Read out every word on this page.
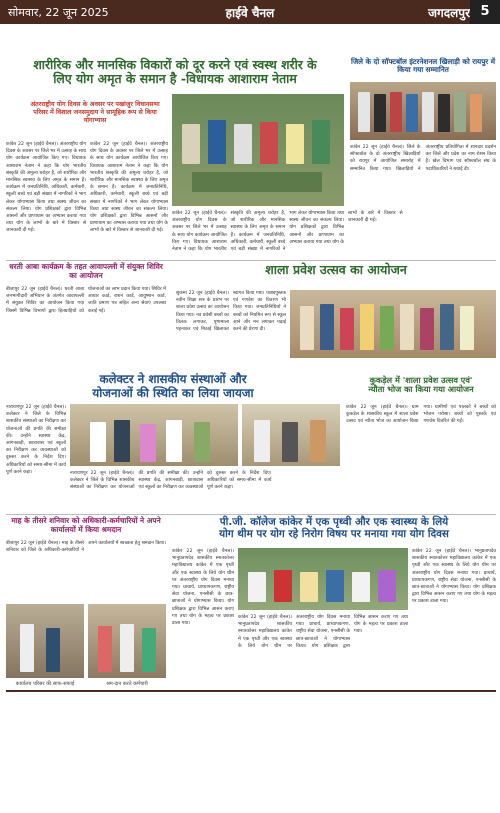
सोमवार, 22 जून 2025	हाईवे चैनल	जगदलपुर 5
शारीरिक और मानसिक विकारों को दूर करने एवं स्वस्थ शरीर के
लिए योग अमृत के समान है -विधायक आशाराम नेताम
अंतरराष्ट्रीय योग दिवस के अवसर पर पखांजुर विधानसभा परिसर में विशाल जनसमुदाय ने सामूहिक रूप से किया योगाभ्यास
कांकेर 22 जून (हाईवे चैनल)। अंतरराष्ट्रीय योग दिवस के अवसर पर जिले भर में उत्साह के साथ योग कार्यक्रम आयोजित किए गए। विधायक आशाराम नेताम ने कहा कि योग भारतीय संस्कृति की अमूल्य धरोहर है, जो शारीरिक और मानसिक स्वास्थ्य के लिए अमृत के समान है। कार्यक्रम में जनप्रतिनिधि, अधिकारी, कर्मचारी, स्कूली बच्चे एवं बड़ी संख्या में नागरिकों ने भाग लेकर योगाभ्यास किया तथा स्वस्थ जीवन का संकल्प लिया। योग प्रशिक्षकों द्वारा विभिन्न आसनों और प्राणायाम का अभ्यास कराया गया तथा योग के लाभों के बारे में विस्तार से जानकारी दी गई।
कांकेर 22 जून (हाईवे चैनल)। अंतरराष्ट्रीय योग दिवस के अवसर पर जिले भर में उत्साह के साथ योग कार्यक्रम आयोजित किए गए। विधायक आशाराम नेताम ने कहा कि योग भारतीय संस्कृति की अमूल्य धरोहर है, जो शारीरिक और मानसिक स्वास्थ्य के लिए अमृत के समान है। कार्यक्रम में जनप्रतिनिधि, अधिकारी, कर्मचारी, स्कूली बच्चे एवं बड़ी संख्या में नागरिकों ने भाग लेकर योगाभ्यास किया तथा स्वस्थ जीवन का संकल्प लिया। योग प्रशिक्षकों द्वारा विभिन्न आसनों और प्राणायाम का अभ्यास कराया गया तथा योग के लाभों के बारे में विस्तार से जानकारी दी गई।
कांकेर 22 जून (हाईवे चैनल)। अंतरराष्ट्रीय योग दिवस के अवसर पर जिले भर में उत्साह के साथ योग कार्यक्रम आयोजित किए गए। विधायक आशाराम नेताम ने कहा कि योग भारतीय संस्कृति की अमूल्य धरोहर है, जो शारीरिक और मानसिक स्वास्थ्य के लिए अमृत के समान है। कार्यक्रम में जनप्रतिनिधि, अधिकारी, कर्मचारी, स्कूली बच्चे एवं बड़ी संख्या में नागरिकों ने भाग लेकर योगाभ्यास किया तथा स्वस्थ जीवन का संकल्प लिया। योग प्रशिक्षकों द्वारा विभिन्न आसनों और प्राणायाम का अभ्यास कराया गया तथा योग के लाभों के बारे में विस्तार से जानकारी दी गई।
जिले के दो सॉफ्टबॉल इंटरनेशनल खिलाड़ी को रायपुर में किया गया सम्मानित
कांकेर 22 जून (हाईवे चैनल)। जिले के सॉफ्टबॉल के दो अंतरराष्ट्रीय खिलाड़ियों को रायपुर में आयोजित समारोह में सम्मानित किया गया। खिलाड़ियों ने अंतरराष्ट्रीय प्रतियोगिता में शानदार प्रदर्शन कर जिले और प्रदेश का नाम रोशन किया है। खेल विभाग एवं सॉफ्टबॉल संघ के पदाधिकारियों ने बधाई दी।
धरती आबा कार्यक्रम के तहत आवापल्ली में संयुक्त शिविर का आयोजन
बीजापुर 22 जून (हाईवे चैनल)। धरती आबा जनभागीदारी अभियान के अंतर्गत आवापल्ली में संयुक्त शिविर का आयोजन किया गया जिसमें विभिन्न विभागों द्वारा हितग्राहियों को योजनाओं का लाभ प्रदान किया गया। शिविर में आधार कार्ड, राशन कार्ड, आयुष्मान कार्ड, जाति प्रमाण पत्र सहित अन्य सेवाएं उपलब्ध कराई गईं।
शाला प्रवेश उत्सव का आयोजन
सुकमा 22 जून (हाईवे चैनल)। नवीन शिक्षा सत्र के प्रारंभ पर शाला प्रवेश उत्सव का आयोजन किया गया। नव प्रवेशी बच्चों का तिलक लगाकर, पुष्पमाला पहनाकर एवं मिठाई खिलाकर स्वागत किया गया। पाठ्यपुस्तक एवं गणवेश का वितरण भी किया गया। जनप्रतिनिधियों ने बच्चों को नियमित रूप से स्कूल आने और मन लगाकर पढ़ाई करने की प्रेरणा दी।
कलेक्टर ने शासकीय संस्थाओं और
योजनाओं की स्थिति का लिया जायजा
नारायणपुर 22 जून (हाईवे चैनल)। कलेक्टर ने जिले के विभिन्न शासकीय संस्थाओं का निरीक्षण कर योजनाओं की प्रगति की समीक्षा की। उन्होंने स्वास्थ्य केंद्र, आंगनबाड़ी, छात्रावास एवं स्कूलों का निरीक्षण कर व्यवस्थाओं को दुरुस्त करने के निर्देश दिए। अधिकारियों को समय-सीमा में कार्य पूर्ण करने कहा।	नारायणपुर 22 जून (हाईवे चैनल)। कलेक्टर ने जिले के विभिन्न शासकीय संस्थाओं का निरीक्षण कर योजनाओं की प्रगति की समीक्षा की। उन्होंने स्वास्थ्य केंद्र, आंगनबाड़ी, छात्रावास एवं स्कूलों का निरीक्षण कर व्यवस्थाओं को दुरुस्त करने के निर्देश दिए। अधिकारियों को समय-सीमा में कार्य पूर्ण करने कहा।
कुकड़ेल में 'शाला प्रवेश उत्सव एवं'
न्यौता भोज का किया गया आयोजन
कांकेर 22 जून (हाईवे चैनल)। ग्राम कुकड़ेल के शासकीय स्कूल में शाला प्रवेश उत्सव एवं न्यौता भोज का आयोजन किया गया। ग्रामीणों एवं पालकों ने बच्चों को भोजन परोसा। बच्चों को पुस्तकें एवं गणवेश वितरित की गईं।
माह के तीसरे शनिवार को अधिकारी-कर्मचारियों ने अपने कार्यालयों में किया श्रमदान
बीजापुर 22 जून (हाईवे चैनल)। माह के तीसरे शनिवार को जिले के अधिकारी-कर्मचारियों ने अपने कार्यालयों में स्वच्छता हेतु श्रमदान किया।
कार्यालय परिसर की साफ-सफाई	श्रम-दान करते कर्मचारी
पी.जी. कॉलेज कांकेर में एक पृथ्वी और एक स्वास्थ्य के लिये
योग थीम पर योग रहे निरोग विषय पर मनाया गया योग दिवस
कांकेर 22 जून (हाईवे चैनल)। भानुप्रतापदेव शासकीय स्नातकोत्तर महाविद्यालय कांकेर में एक पृथ्वी और एक स्वास्थ्य के लिये योग थीम पर अंतरराष्ट्रीय योग दिवस मनाया गया। प्राचार्य, प्राध्यापकगण, राष्ट्रीय सेवा योजना, एनसीसी के छात्र-छात्राओं ने योगाभ्यास किया। योग प्रशिक्षक द्वारा विभिन्न आसन कराए गए तथा योग के महत्व पर प्रकाश डाला गया।
कांकेर 22 जून (हाईवे चैनल)। भानुप्रतापदेव शासकीय स्नातकोत्तर महाविद्यालय कांकेर में एक पृथ्वी और एक स्वास्थ्य के लिये योग थीम पर अंतरराष्ट्रीय योग दिवस मनाया गया। प्राचार्य, प्राध्यापकगण, राष्ट्रीय सेवा योजना, एनसीसी के छात्र-छात्राओं ने योगाभ्यास किया। योग प्रशिक्षक द्वारा विभिन्न आसन कराए गए तथा योग के महत्व पर प्रकाश डाला गया।
कांकेर 22 जून (हाईवे चैनल)। भानुप्रतापदेव शासकीय स्नातकोत्तर महाविद्यालय कांकेर में एक पृथ्वी और एक स्वास्थ्य के लिये योग थीम पर अंतरराष्ट्रीय योग दिवस मनाया गया। प्राचार्य, प्राध्यापकगण, राष्ट्रीय सेवा योजना, एनसीसी के छात्र-छात्राओं ने योगाभ्यास किया। योग प्रशिक्षक द्वारा विभिन्न आसन कराए गए तथा योग के महत्व पर प्रकाश डाला गया।
